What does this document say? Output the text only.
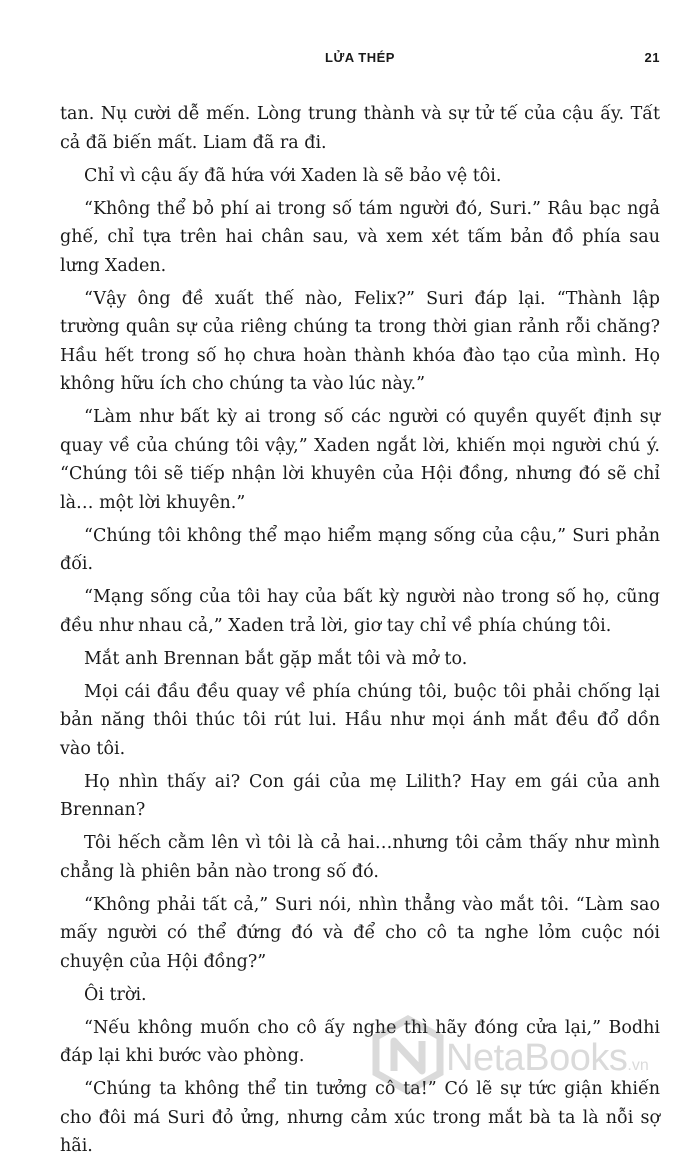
LỬA THÉP	21

tan. Nụ cười dễ mến. Lòng trung thành và sự tử tế của cậu ấy. Tất cả đã biến mất. Liam đã ra đi.

Chỉ vì cậu ấy đã hứa với Xaden là sẽ bảo vệ tôi.

“Không thể bỏ phí ai trong số tám người đó, Suri.” Râu bạc ngả ghế, chỉ tựa trên hai chân sau, và xem xét tấm bản đồ phía sau lưng Xaden.

“Vậy ông đề xuất thế nào, Felix?” Suri đáp lại. “Thành lập trường quân sự của riêng chúng ta trong thời gian rảnh rỗi chăng? Hầu hết trong số họ chưa hoàn thành khóa đào tạo của mình. Họ không hữu ích cho chúng ta vào lúc này.”

“Làm như bất kỳ ai trong số các người có quyền quyết định sự quay về của chúng tôi vậy,” Xaden ngắt lời, khiến mọi người chú ý. “Chúng tôi sẽ tiếp nhận lời khuyên của Hội đồng, nhưng đó sẽ chỉ là… một lời khuyên.”

“Chúng tôi không thể mạo hiểm mạng sống của cậu,” Suri phản đối.

“Mạng sống của tôi hay của bất kỳ người nào trong số họ, cũng đều như nhau cả,” Xaden trả lời, giơ tay chỉ về phía chúng tôi.

Mắt anh Brennan bắt gặp mắt tôi và mở to.

Mọi cái đầu đều quay về phía chúng tôi, buộc tôi phải chống lại bản năng thôi thúc tôi rút lui. Hầu như mọi ánh mắt đều đổ dồn vào tôi.

Họ nhìn thấy ai? Con gái của mẹ Lilith? Hay em gái của anh Brennan?

Tôi hếch cằm lên vì tôi là cả hai…nhưng tôi cảm thấy như mình chẳng là phiên bản nào trong số đó.

“Không phải tất cả,” Suri nói, nhìn thẳng vào mắt tôi. “Làm sao mấy người có thể đứng đó và để cho cô ta nghe lỏm cuộc nói chuyện của Hội đồng?”

Ôi trời.

“Nếu không muốn cho cô ấy nghe thì hãy đóng cửa lại,” Bodhi đáp lại khi bước vào phòng.

“Chúng ta không thể tin tưởng cô ta!” Có lẽ sự tức giận khiến cho đôi má Suri đỏ ửng, nhưng cảm xúc trong mắt bà ta là nỗi sợ hãi.

NetaBooks.vn
